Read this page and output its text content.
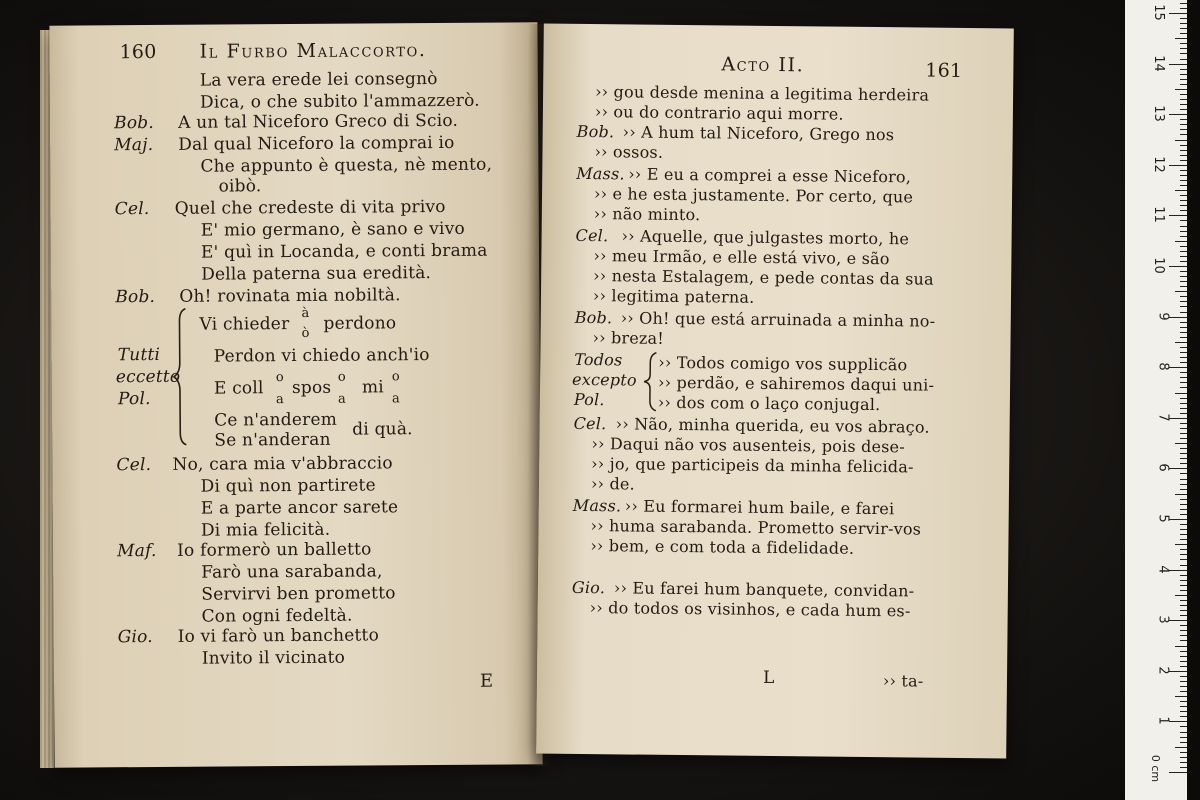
160 Il Furbo Malaccorto.
La vera erede lei consegnò
Dica, o che subito l'ammazzerò.
Bob. A un tal Niceforo Greco di Scio.
Maj. Dal qual Niceforo la comprai io
Che appunto è questa, nè mento,
oibò.
Cel. Quel che credeste di vita privo
E' mio germano, è sano e vivo
E' quì in Locanda, e conti brama
Della paterna sua eredità.
Bob. Oh! rovinata mia nobiltà.
Tutti
eccetto
Pol.
Vi chieder
à
ò perdono
Perdon vi chiedo anch'io
E coll
o
a
spos
o
a
mi
o
a
Ce n'anderem
Se n'anderan
di quà.
Cel. No, cara mia v'abbraccio
Di quì non partirete
E a parte ancor sarete
Di mia felicità.
Maf. Io formerò un balletto
Farò una sarabanda,
Servirvi ben prometto
Con ogni fedeltà.
Gio. Io vi farò un banchetto
Invito il vicinato
E
Acto II.	161
›› gou desde menina a legitima herdeira
›› ou do contrario aqui morre.
Bob. ›› A hum tal Niceforo, Grego nos
›› ossos.
Mass. ›› E eu a comprei a esse Niceforo,
›› e he esta justamente. Por certo, que
›› não minto.
Cel. ›› Aquelle, que julgastes morto, he
›› meu Irmão, e elle está vivo, e são
›› nesta Estalagem, e pede contas da sua
›› legitima paterna.
Bob. ›› Oh! que está arruinada a minha no-
›› breza!
Todos
excepto
Pol.
›› Todos comigo vos supplicão
›› perdão, e sahiremos daqui uni-
›› dos com o laço conjugal.
Cel. ›› Não, minha querida, eu vos abraço.
›› Daqui não vos ausenteis, pois dese-
›› jo, que participeis da minha felicida-
›› de.
Mass. ›› Eu formarei hum baile, e farei
›› huma sarabanda. Prometto servir-vos
›› bem, e com toda a fidelidade.
Gio. ›› Eu farei hum banquete, convidan-
›› do todos os visinhos, e cada hum es-
L	›› ta-
0 cm
1
2
3
4
5
6
7
8
9
10
11
12
13
14
15
